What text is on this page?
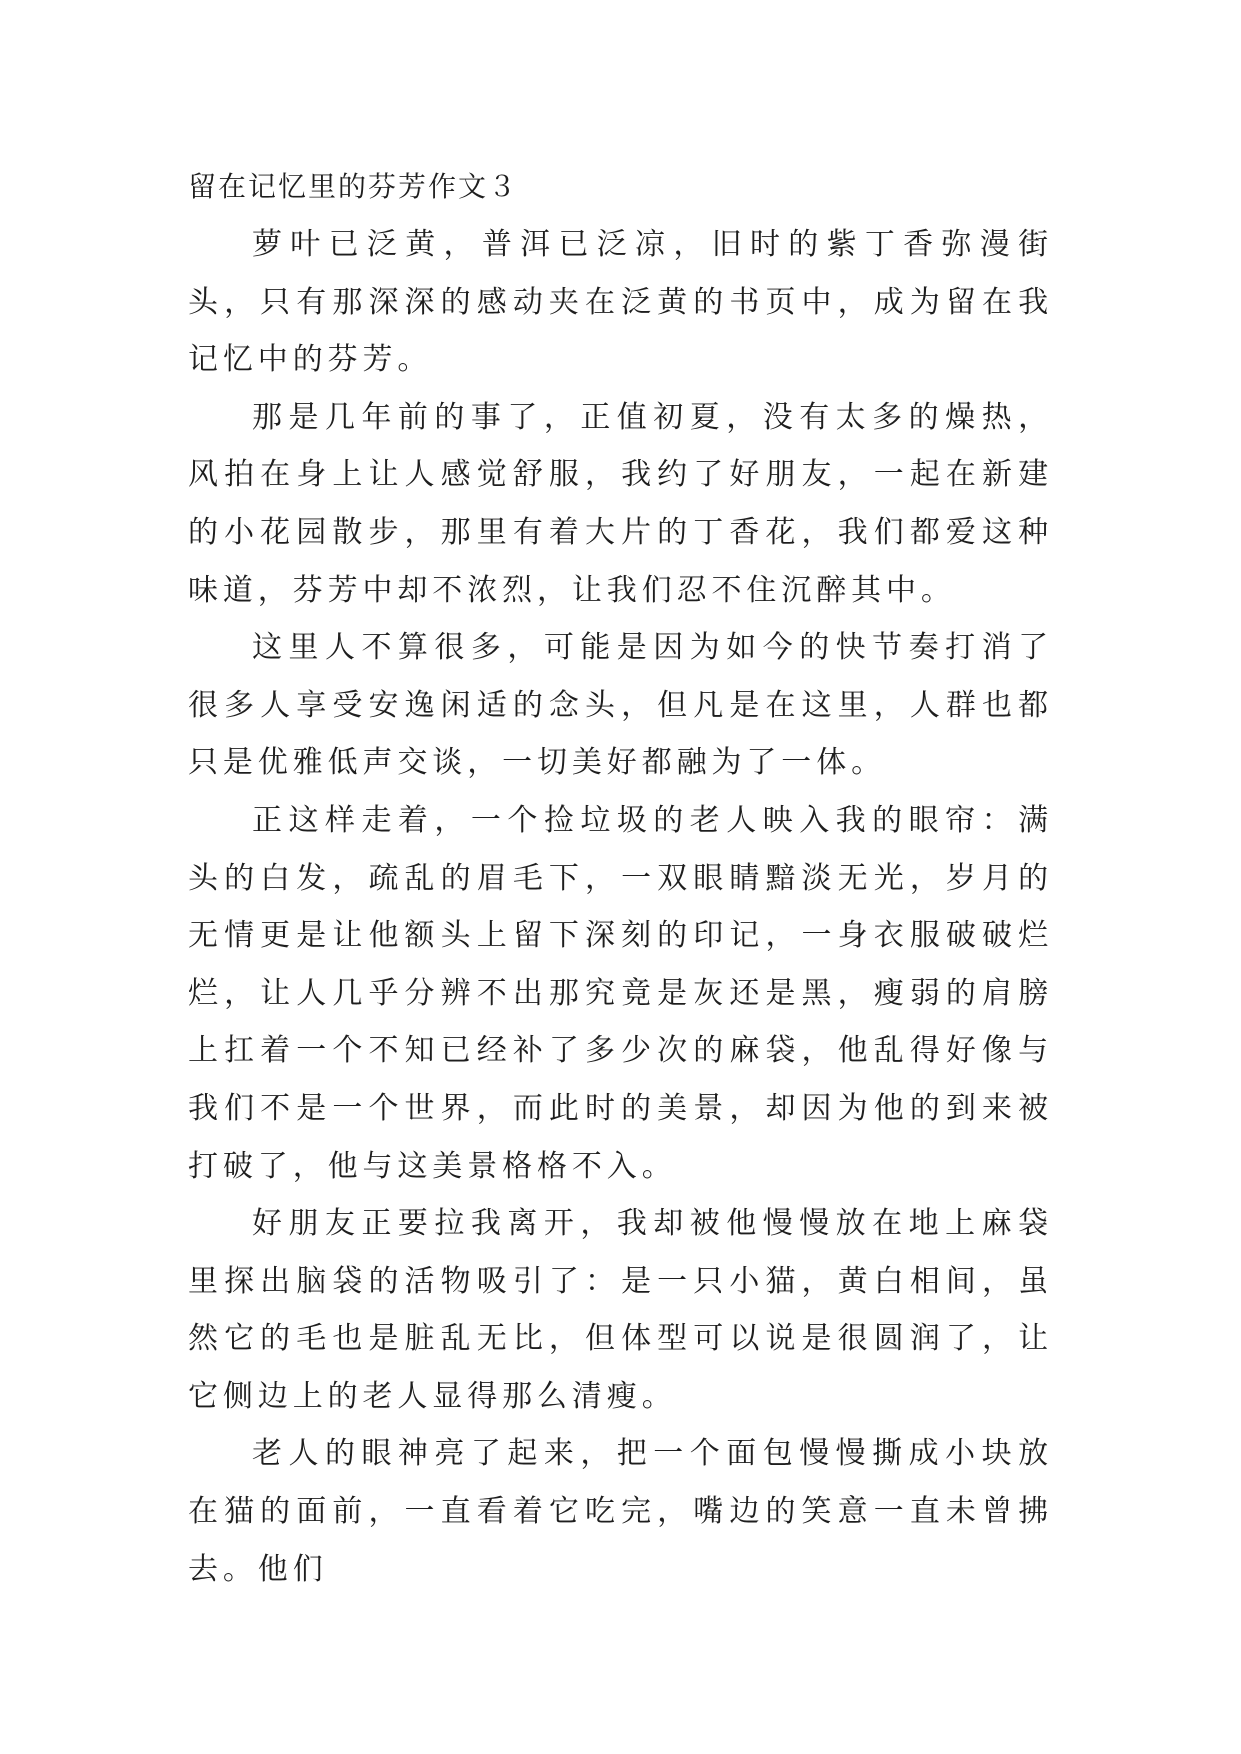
留在记忆里的芬芳作文３

萝叶已泛黄，普洱已泛凉，旧时的紫丁香弥漫街头，只有那深深的感动夹在泛黄的书页中，成为留在我记忆中的芬芳。

那是几年前的事了，正值初夏，没有太多的燥热，风拍在身上让人感觉舒服，我约了好朋友，一起在新建的小花园散步，那里有着大片的丁香花，我们都爱这种味道，芬芳中却不浓烈，让我们忍不住沉醉其中。

这里人不算很多，可能是因为如今的快节奏打消了很多人享受安逸闲适的念头，但凡是在这里，人群也都只是优雅低声交谈，一切美好都融为了一体。

正这样走着，一个捡垃圾的老人映入我的眼帘：满头的白发，疏乱的眉毛下，一双眼睛黯淡无光，岁月的无情更是让他额头上留下深刻的印记，一身衣服破破烂烂，让人几乎分辨不出那究竟是灰还是黑，瘦弱的肩膀上扛着一个不知已经补了多少次的麻袋，他乱得好像与我们不是一个世界，而此时的美景，却因为他的到来被打破了，他与这美景格格不入。

好朋友正要拉我离开，我却被他慢慢放在地上麻袋里探出脑袋的活物吸引了：是一只小猫，黄白相间，虽然它的毛也是脏乱无比，但体型可以说是很圆润了，让它侧边上的老人显得那么清瘦。

老人的眼神亮了起来，把一个面包慢慢撕成小块放在猫的面前，一直看着它吃完，嘴边的笑意一直未曾拂去。他们
